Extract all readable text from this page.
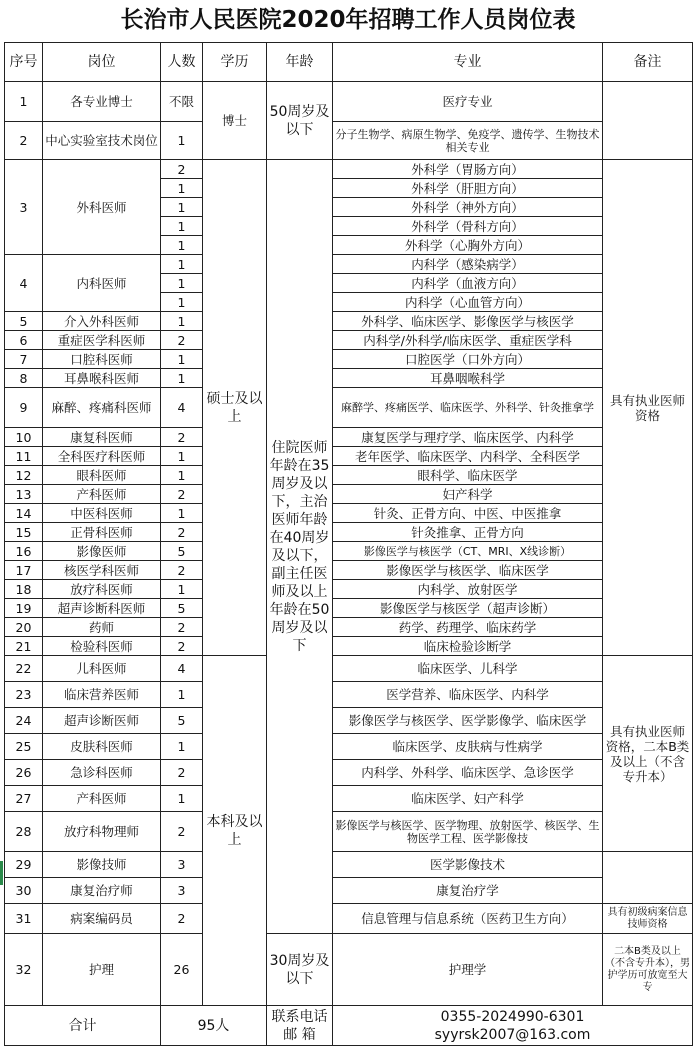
长治市人民医院2020年招聘工作人员岗位表
序号	岗位	人数	学历	年龄	专业	备注
1	各专业博士	不限	博士	50周岁及以下	医疗专业	
2	中心实验室技术岗位	1			分子生物学、病原生物学、免疫学、遗传学、生物技术相关专业	
3	外科医师	2	硕士及以上	住院医师年龄在35周岁及以下，主治医师年龄在40周岁及以下，副主任医师及以上年龄在50周岁及以下	外科学（胃肠方向）	具有执业医师资格
		1			外科学（肝胆方向）	
		1			外科学（神外方向）	
		1			外科学（骨科方向）	
		1			外科学（心胸外方向）	
4	内科医师	1			内科学（感染病学）	
		1			内科学（血液方向）	
		1			内科学（心血管方向）	
5	介入外科医师	1			外科学、临床医学、影像医学与核医学	
6	重症医学科医师	2			内科学/外科学/临床医学、重症医学科	
7	口腔科医师	1			口腔医学（口外方向）	
8	耳鼻喉科医师	1			耳鼻咽喉科学	
9	麻醉、疼痛科医师	4			麻醉学、疼痛医学、临床医学、外科学、针灸推拿学	
10	康复科医师	2			康复医学与理疗学、临床医学、内科学	
11	全科医疗科医师	1			老年医学、临床医学、内科学、全科医学	
12	眼科医师	1			眼科学、临床医学	
13	产科医师	2			妇产科学	
14	中医科医师	1			针灸、正骨方向、中医、中医推拿	
15	正骨科医师	2			针灸推拿、正骨方向	
16	影像医师	5			影像医学与核医学（CT、MRI、X线诊断）	
17	核医学科医师	2			影像医学与核医学、临床医学	
18	放疗科医师	1			内科学、放射医学	
19	超声诊断科医师	5			影像医学与核医学（超声诊断）	
20	药师	2			药学、药理学、临床药学	
21	检验科医师	2			临床检验诊断学	
22	儿科医师	4	本科及以上		临床医学、儿科学	具有执业医师资格，二本B类及以上（不含专升本）
23	临床营养医师	1			医学营养、临床医学、内科学	
24	超声诊断医师	5			影像医学与核医学、医学影像学、临床医学	
25	皮肤科医师	1			临床医学、皮肤病与性病学	
26	急诊科医师	2			内科学、外科学、临床医学、急诊医学	
27	产科医师	1			临床医学、妇产科学	
28	放疗科物理师	2			影像医学与核医学、医学物理、放射医学、核医学、生物医学工程、医学影像技	
29	影像技师	3			医学影像技术	
30	康复治疗师	3			康复治疗学	
31	病案编码员	2			信息管理与信息系统（医药卫生方向）	具有初级病案信息技师资格
32	护理	26		30周岁及以下	护理学	二本B类及以上（不含专升本），男护学历可放宽至大专
合计		95人		联系电话 邮 箱	0355-2024990-6301
syyrsk2007@163.com	
